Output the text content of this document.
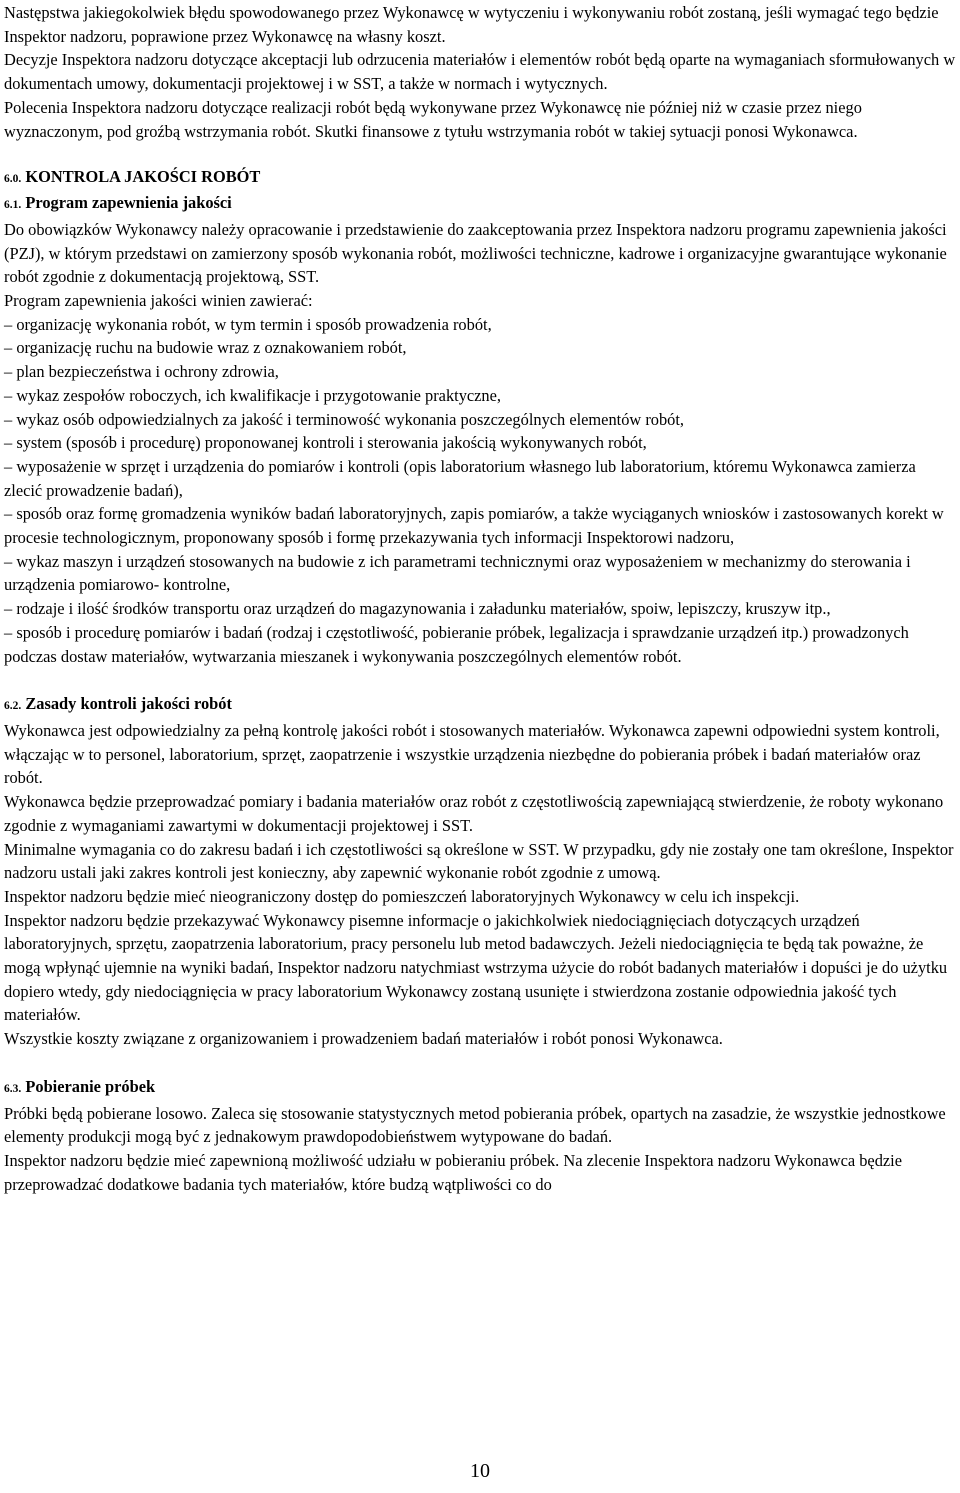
Następstwa jakiegokolwiek błędu spowodowanego przez Wykonawcę w wytyczeniu i wykonywaniu robót zostaną, jeśli wymagać tego będzie Inspektor nadzoru, poprawione przez Wykonawcę na własny koszt.

Decyzje Inspektora nadzoru dotyczące akceptacji lub odrzucenia materiałów i elementów robót będą oparte na wymaganiach sformułowanych w dokumentach umowy, dokumentacji projektowej i w SST, a także w normach i wytycznych.

Polecenia Inspektora nadzoru dotyczące realizacji robót będą wykonywane przez Wykonawcę nie później niż w czasie przez niego wyznaczonym, pod groźbą wstrzymania robót. Skutki finansowe z tytułu wstrzymania robót w takiej sytuacji ponosi Wykonawca.

6.0. KONTROLA JAKOŚCI ROBÓT

6.1. Program zapewnienia jakości

Do obowiązków Wykonawcy należy opracowanie i przedstawienie do zaakceptowania przez Inspektora nadzoru programu zapewnienia jakości (PZJ), w którym przedstawi on zamierzony sposób wykonania robót, możliwości techniczne, kadrowe i organizacyjne gwarantujące wykonanie robót zgodnie z dokumentacją projektową, SST.

Program zapewnienia jakości winien zawierać:

– organizację wykonania robót, w tym termin i sposób prowadzenia robót,

– organizację ruchu na budowie wraz z oznakowaniem robót,

– plan bezpieczeństwa i ochrony zdrowia,

– wykaz zespołów roboczych, ich kwalifikacje i przygotowanie praktyczne,

– wykaz osób odpowiedzialnych za jakość i terminowość wykonania poszczególnych elementów robót,

– system (sposób i procedurę) proponowanej kontroli i sterowania jakością wykonywanych robót,

– wyposażenie w sprzęt i urządzenia do pomiarów i kontroli (opis laboratorium własnego lub laboratorium, któremu Wykonawca zamierza zlecić prowadzenie badań),

– sposób oraz formę gromadzenia wyników badań laboratoryjnych, zapis pomiarów, a także wyciąganych wniosków i zastosowanych korekt w procesie technologicznym, proponowany sposób i formę przekazywania tych informacji Inspektorowi nadzoru,

– wykaz maszyn i urządzeń stosowanych na budowie z ich parametrami technicznymi oraz wyposażeniem w mechanizmy do sterowania i urządzenia pomiarowo- kontrolne,

– rodzaje i ilość środków transportu oraz urządzeń do magazynowania i załadunku materiałów, spoiw, lepiszczy, kruszyw itp.,

– sposób i procedurę pomiarów i badań (rodzaj i częstotliwość, pobieranie próbek, legalizacja i sprawdzanie urządzeń itp.) prowadzonych podczas dostaw materiałów, wytwarzania mieszanek i wykonywania poszczególnych elementów robót.

6.2. Zasady kontroli jakości robót

Wykonawca jest odpowiedzialny za pełną kontrolę jakości robót i stosowanych materiałów. Wykonawca zapewni odpowiedni system kontroli, włączając w to personel, laboratorium, sprzęt, zaopatrzenie i wszystkie urządzenia niezbędne do pobierania próbek i badań materiałów oraz robót.

Wykonawca będzie przeprowadzać pomiary i badania materiałów oraz robót z częstotliwością zapewniającą stwierdzenie, że roboty wykonano zgodnie z wymaganiami zawartymi w dokumentacji projektowej i SST.

Minimalne wymagania co do zakresu badań i ich częstotliwości są określone w SST. W przypadku, gdy nie zostały one tam określone, Inspektor nadzoru ustali jaki zakres kontroli jest konieczny, aby zapewnić wykonanie robót zgodnie z umową.

Inspektor nadzoru będzie mieć nieograniczony dostęp do pomieszczeń laboratoryjnych Wykonawcy w celu ich inspekcji.

Inspektor nadzoru będzie przekazywać Wykonawcy pisemne informacje o jakichkolwiek niedociągnięciach dotyczących urządzeń laboratoryjnych, sprzętu, zaopatrzenia laboratorium, pracy personelu lub metod badawczych. Jeżeli niedociągnięcia te będą tak poważne, że mogą wpłynąć ujemnie na wyniki badań, Inspektor nadzoru natychmiast wstrzyma użycie do robót badanych materiałów i dopuści je do użytku dopiero wtedy, gdy niedociągnięcia w pracy laboratorium Wykonawcy zostaną usunięte i stwierdzona zostanie odpowiednia jakość tych materiałów.

Wszystkie koszty związane z organizowaniem i prowadzeniem badań materiałów i robót ponosi Wykonawca.

6.3. Pobieranie próbek

Próbki będą pobierane losowo. Zaleca się stosowanie statystycznych metod pobierania próbek, opartych na zasadzie, że wszystkie jednostkowe elementy produkcji mogą być z jednakowym prawdopodobieństwem wytypowane do badań.

Inspektor nadzoru będzie mieć zapewnioną możliwość udziału w pobieraniu próbek. Na zlecenie Inspektora nadzoru Wykonawca będzie przeprowadzać dodatkowe badania tych materiałów, które budzą wątpliwości co do

10
